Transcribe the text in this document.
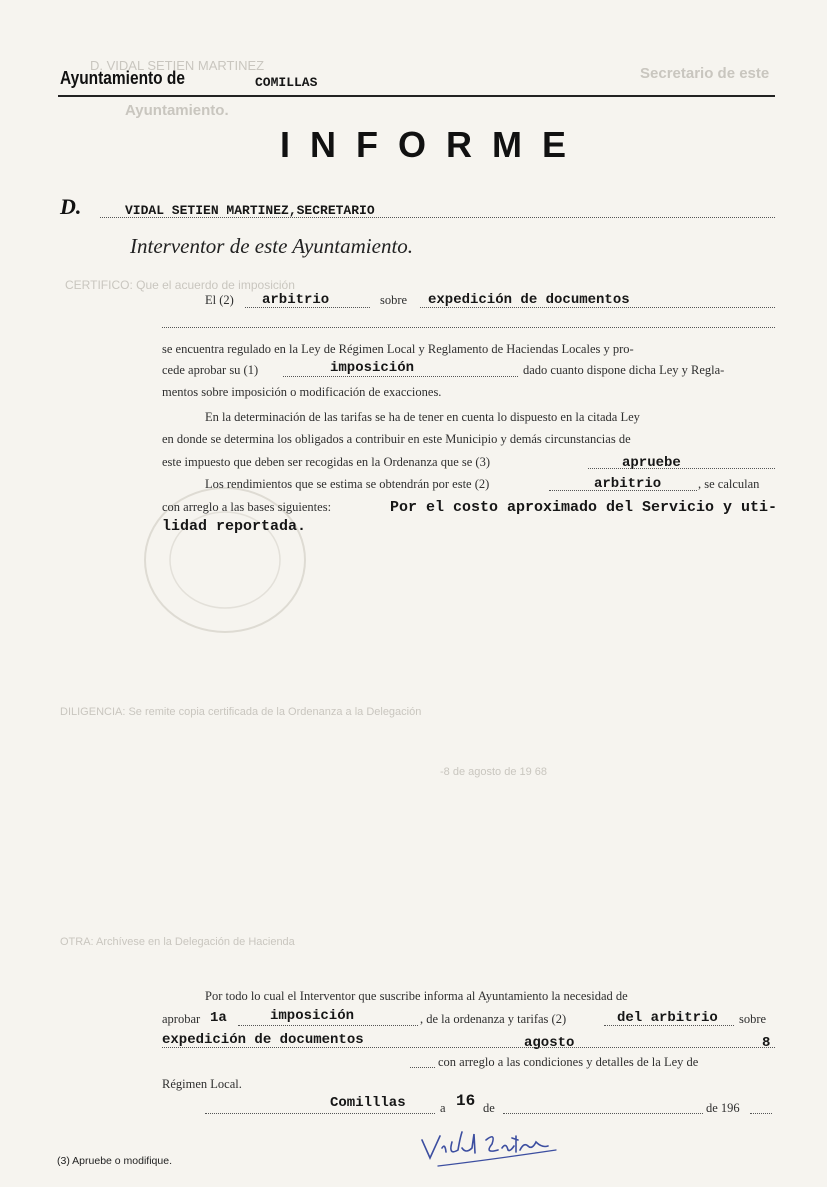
D. VIDAL SETIEN MARTINEZ	Secretario de este
Ayuntamiento.
CERTIFICO: Que el acuerdo de imposición
DILIGENCIA: Se remite copia certificada de la Ordenanza a la Delegación
OTRA: Archívese en la Delegación de Hacienda
-8 de agosto de 19 68
Ayuntamiento de	COMILLAS
I N F O R M E
D.	VIDAL SETIEN MARTINEZ,SECRETARIO
Interventor de este Ayuntamiento.
El (2) arbitrio	sobre expedición de documentos
se encuentra regulado en la Ley de Régimen Local y Reglamento de Haciendas Locales y pro-
cede aprobar su (1)	imposición	dado cuanto dispone dicha Ley y Regla-
mentos sobre imposición o modificación de exacciones.
En la determinación de las tarifas se ha de tener en cuenta lo dispuesto en la citada Ley
en donde se determina los obligados a contribuir en este Municipio y demás circunstancias de
este impuesto que deben ser recogidas en la Ordenanza que se (3)	apruebe
Los rendimientos que se estima se obtendrán por este (2)	arbitrio	, se calculan
con arreglo a las bases siguientes:	Por el costo aproximado del Servicio y uti-
lidad reportada.
Por todo lo cual el Interventor que suscribe informa al Ayuntamiento la necesidad de
aprobar 1a	imposición	, de la ordenanza y tarifas (2)	del arbitrio sobre
expedición de documentos	agosto	8
con arreglo a las condiciones y detalles de la Ley de
Régimen Local.
Comilllas	a 16 de	de 196
(3) Apruebe o modifique.
